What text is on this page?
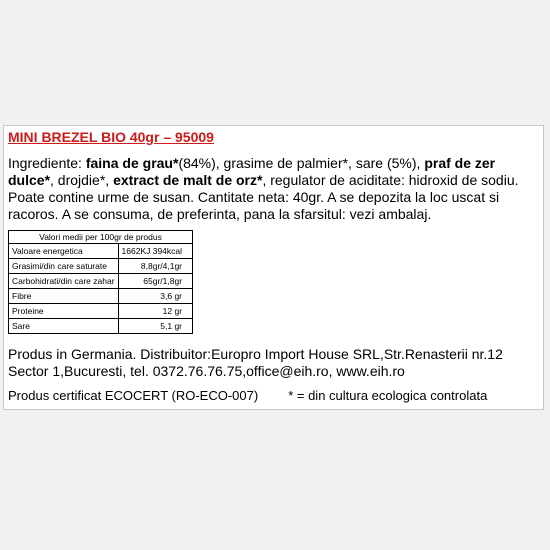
MINI BREZEL BIO 40gr – 95009
Ingrediente: faina de grau*(84%), grasime de palmier*, sare (5%), praf de zer dulce*, drojdie*, extract de malt de orz*, regulator de aciditate: hidroxid de sodiu. Poate contine urme de susan. Cantitate neta: 40gr. A se depozita la loc uscat si racoros. A se consuma, de preferinta, pana la sfarsitul: vezi ambalaj.
Valori medii per 100gr de produs	
Valoare energetica	1662KJ 394kcal
Grasimi/din care saturate	8,8gr/4,1gr
Carbohidrati/din care zahar	65gr/1,8gr
Fibre	3,6 gr
Proteine	12 gr
Sare	5,1 gr
Produs in Germania. Distribuitor:Europro Import House SRL,Str.Renasterii nr.12 Sector 1,Bucuresti, tel. 0372.76.76.75,office@eih.ro, www.eih.ro
Produs certificat ECOCERT (RO-ECO-007) * = din cultura ecologica controlata
